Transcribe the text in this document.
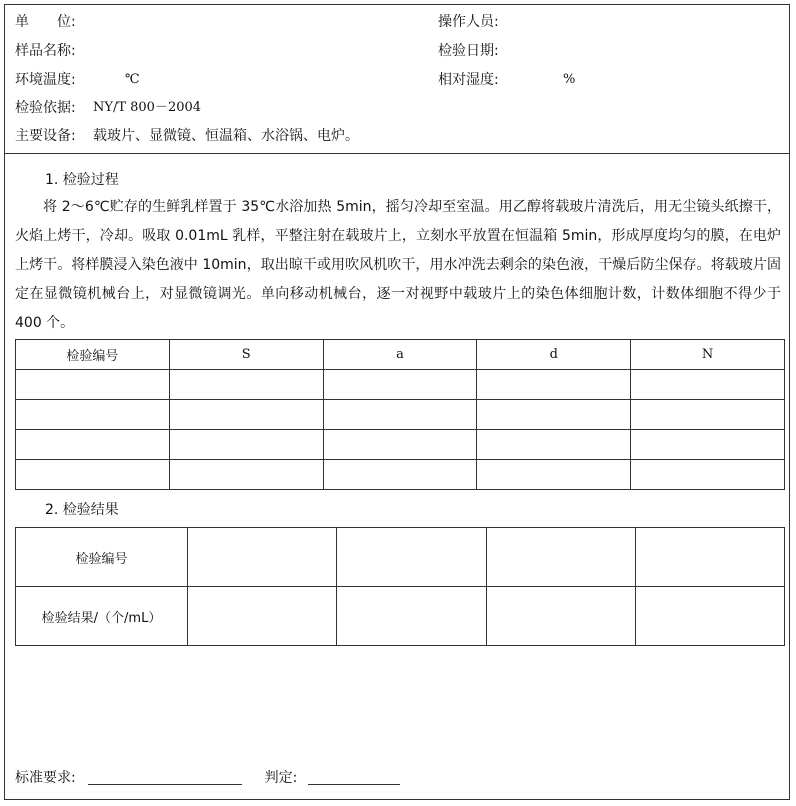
单　　位:	操作人员:
样品名称:	检验日期:
环境温度:	℃	相对湿度:	%
检验依据: NY/T 800－2004
主要设备: 载玻片、显微镜、恒温箱、水浴锅、电炉。
1. 检验过程
将 2～6℃贮存的生鲜乳样置于 35℃水浴加热 5min，摇匀冷却至室温。用乙醇将载玻片清洗后，用无尘镜头纸擦干，火焰上烤干，冷却。吸取 0.01mL 乳样，平整注射在载玻片上，立刻水平放置在恒温箱 5min，形成厚度均匀的膜，在电炉上烤干。将样膜浸入染色液中 10min，取出晾干或用吹风机吹干，用水冲洗去剩余的染色液，干燥后防尘保存。将载玻片固定在显微镜机械台上，对显微镜调光。单向移动机械台，逐一对视野中载玻片上的染色体细胞计数，计数体细胞不得少于 400 个。
检验编号	S	a	d	N

2. 检验结果
检验编号				
检验结果/（个/mL）				
标准要求:	判定:
